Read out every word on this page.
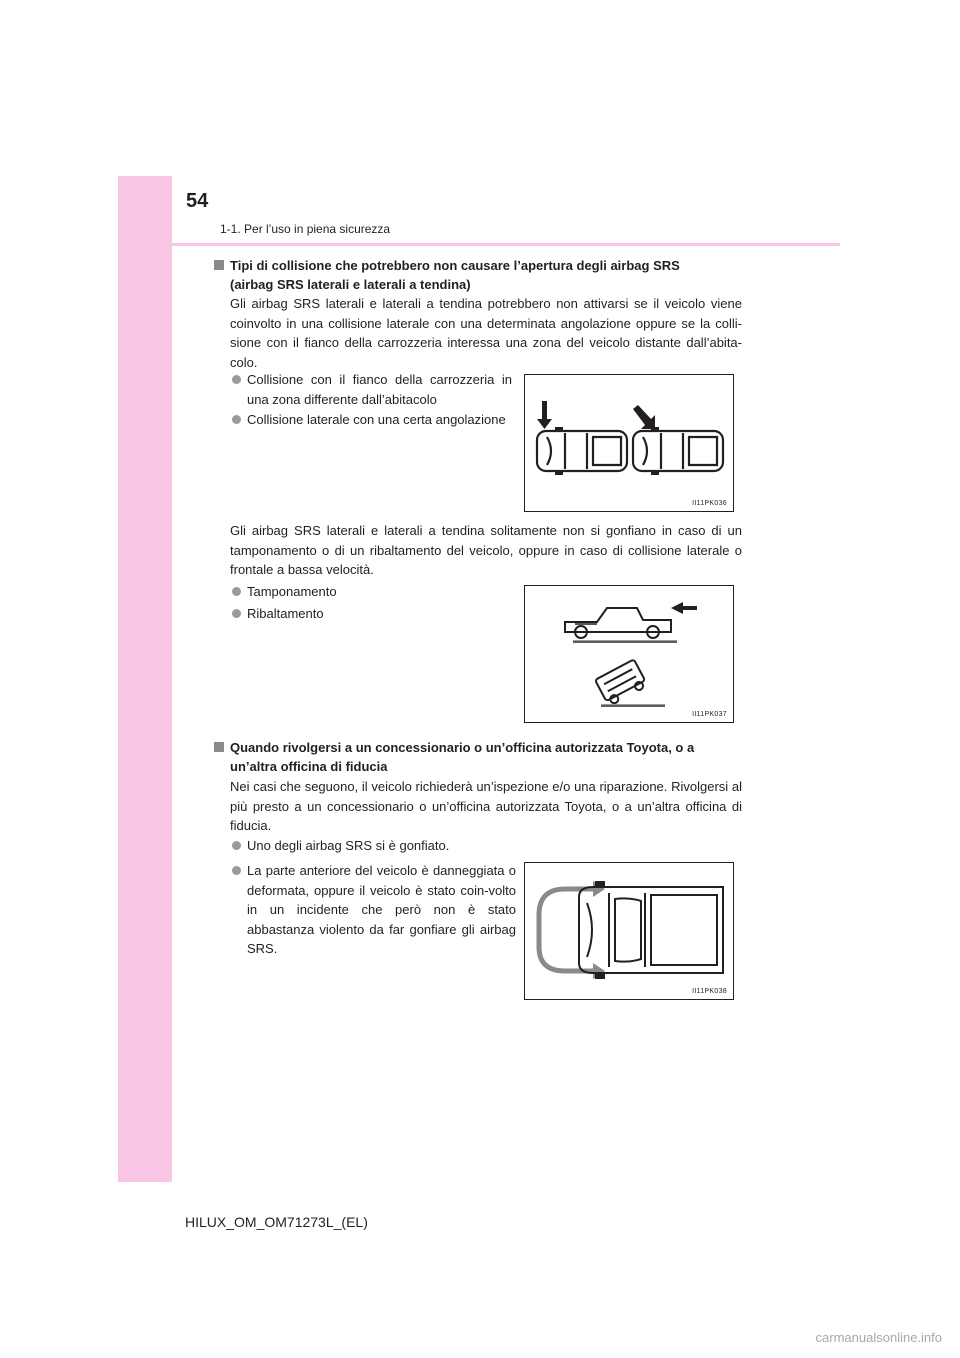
54
1-1. Per l’uso in piena sicurezza
Tipi di collisione che potrebbero non causare l’apertura degli airbag SRS
(airbag SRS laterali e laterali a tendina)

Gli airbag SRS laterali e laterali a tendina potrebbero non attivarsi se il veicolo viene coinvolto in una collisione laterale con una determinata angolazione oppure se la colli-sione con il fianco della carrozzeria interessa una zona del veicolo distante dall’abita-colo.

Collisione con il fianco della carrozzeria in una zona differente dall’abitacolo
Collisione laterale con una certa angolazione
II11PK036

Gli airbag SRS laterali e laterali a tendina solitamente non si gonfiano in caso di un tamponamento o di un ribaltamento del veicolo, oppure in caso di collisione laterale o frontale a bassa velocità.

Tamponamento
Ribaltamento
II11PK037
Quando rivolgersi a un concessionario o un’officina autorizzata Toyota, o a
un’altra officina di fiducia

Nei casi che seguono, il veicolo richiederà un’ispezione e/o una riparazione. Rivolgersi al più presto a un concessionario o un’officina autorizzata Toyota, o a un’altra officina di fiducia.

Uno degli airbag SRS si è gonfiato.
La parte anteriore del veicolo è danneggiata o deformata, oppure il veicolo è stato coin-volto in un incidente che però non è stato abbastanza violento da far gonfiare gli airbag SRS.
II11PK038
HILUX_OM_OM71273L_(EL)
carmanualsonline.info
